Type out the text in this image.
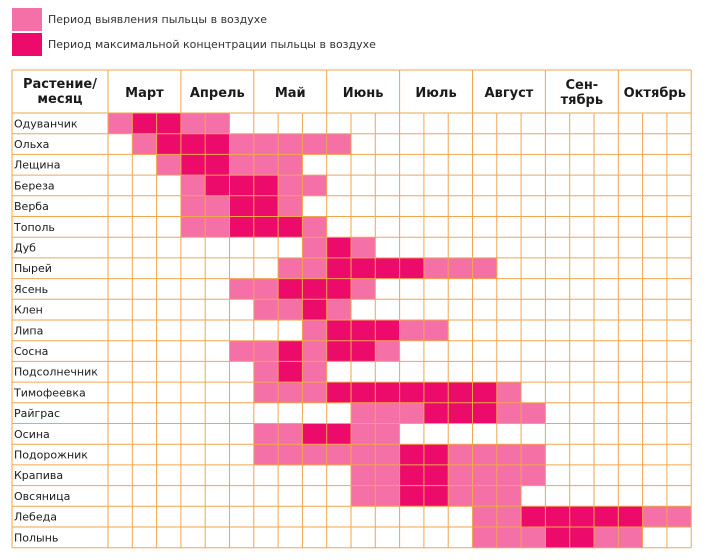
Период выявления пыльцы в воздухе
Период максимальной концентрации пыльцы в воздухе
Растение/
месяц	Март Апрель Май	Июнь Июль Август
Сен-
тябрь Октябрь
Одуванчик
Ольха
Лещина
Береза
Верба
Тополь
Дуб
Пырей
Ясень
Клен
Липа
Сосна
Подсолнечник
Тимофеевка
Райграс
Осина
Подорожник
Крапива
Овсяница
Лебеда
Полынь
